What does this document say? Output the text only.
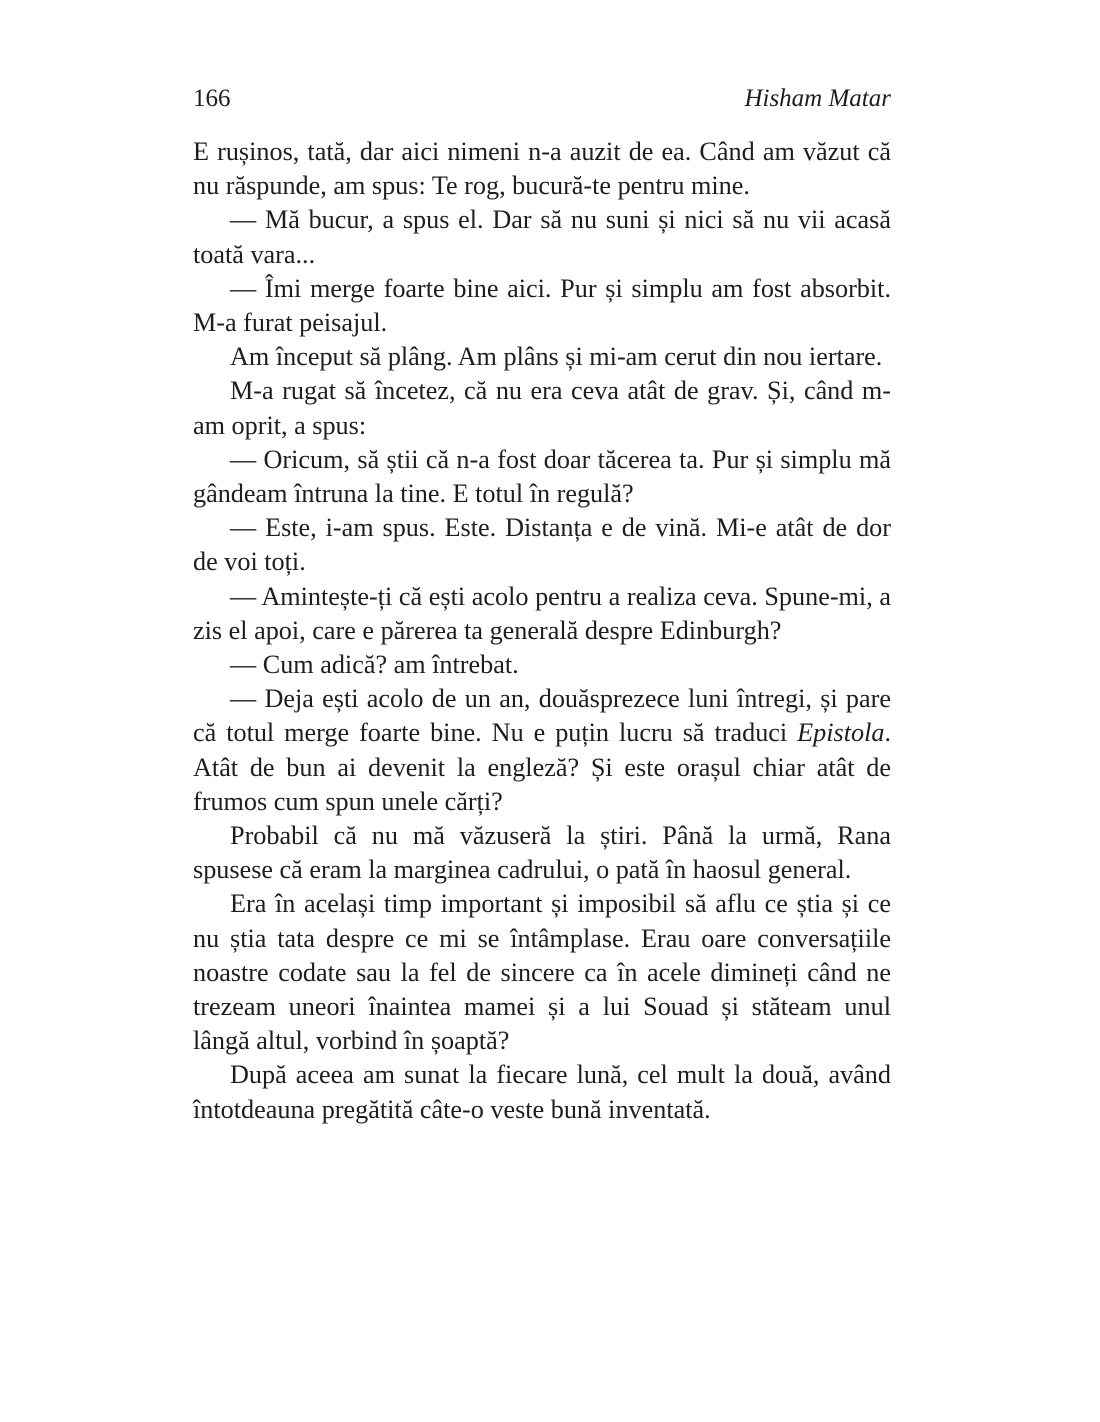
166	Hisham Matar

E rușinos, tată, dar aici nimeni n-a auzit de ea. Când am văzut că nu răspunde, am spus: Te rog, bucură-te pentru mine.

— Mă bucur, a spus el. Dar să nu suni și nici să nu vii acasă toată vara...

— Îmi merge foarte bine aici. Pur și simplu am fost absorbit. M-a furat peisajul.

Am început să plâng. Am plâns și mi-am cerut din nou iertare.

M-a rugat să încetez, că nu era ceva atât de grav. Și, când m-am oprit, a spus:

— Oricum, să știi că n-a fost doar tăcerea ta. Pur și simplu mă gândeam întruna la tine. E totul în regulă?

— Este, i-am spus. Este. Distanța e de vină. Mi-e atât de dor de voi toți.

— Amintește-ți că ești acolo pentru a realiza ceva. Spune-mi, a zis el apoi, care e părerea ta generală despre Edinburgh?

— Cum adică? am întrebat.

— Deja ești acolo de un an, douăsprezece luni întregi, și pare că totul merge foarte bine. Nu e puțin lucru să traduci Epistola. Atât de bun ai devenit la engleză? Și este orașul chiar atât de frumos cum spun unele cărți?

Probabil că nu mă văzuseră la știri. Până la urmă, Rana spusese că eram la marginea cadrului, o pată în haosul general.

Era în același timp important și imposibil să aflu ce știa și ce nu știa tata despre ce mi se întâmplase. Erau oare conversațiile noastre codate sau la fel de sincere ca în acele dimineți când ne trezeam uneori înaintea mamei și a lui Souad și stăteam unul lângă altul, vorbind în șoaptă?

După aceea am sunat la fiecare lună, cel mult la două, având întotdeauna pregătită câte-o veste bună inventată.
